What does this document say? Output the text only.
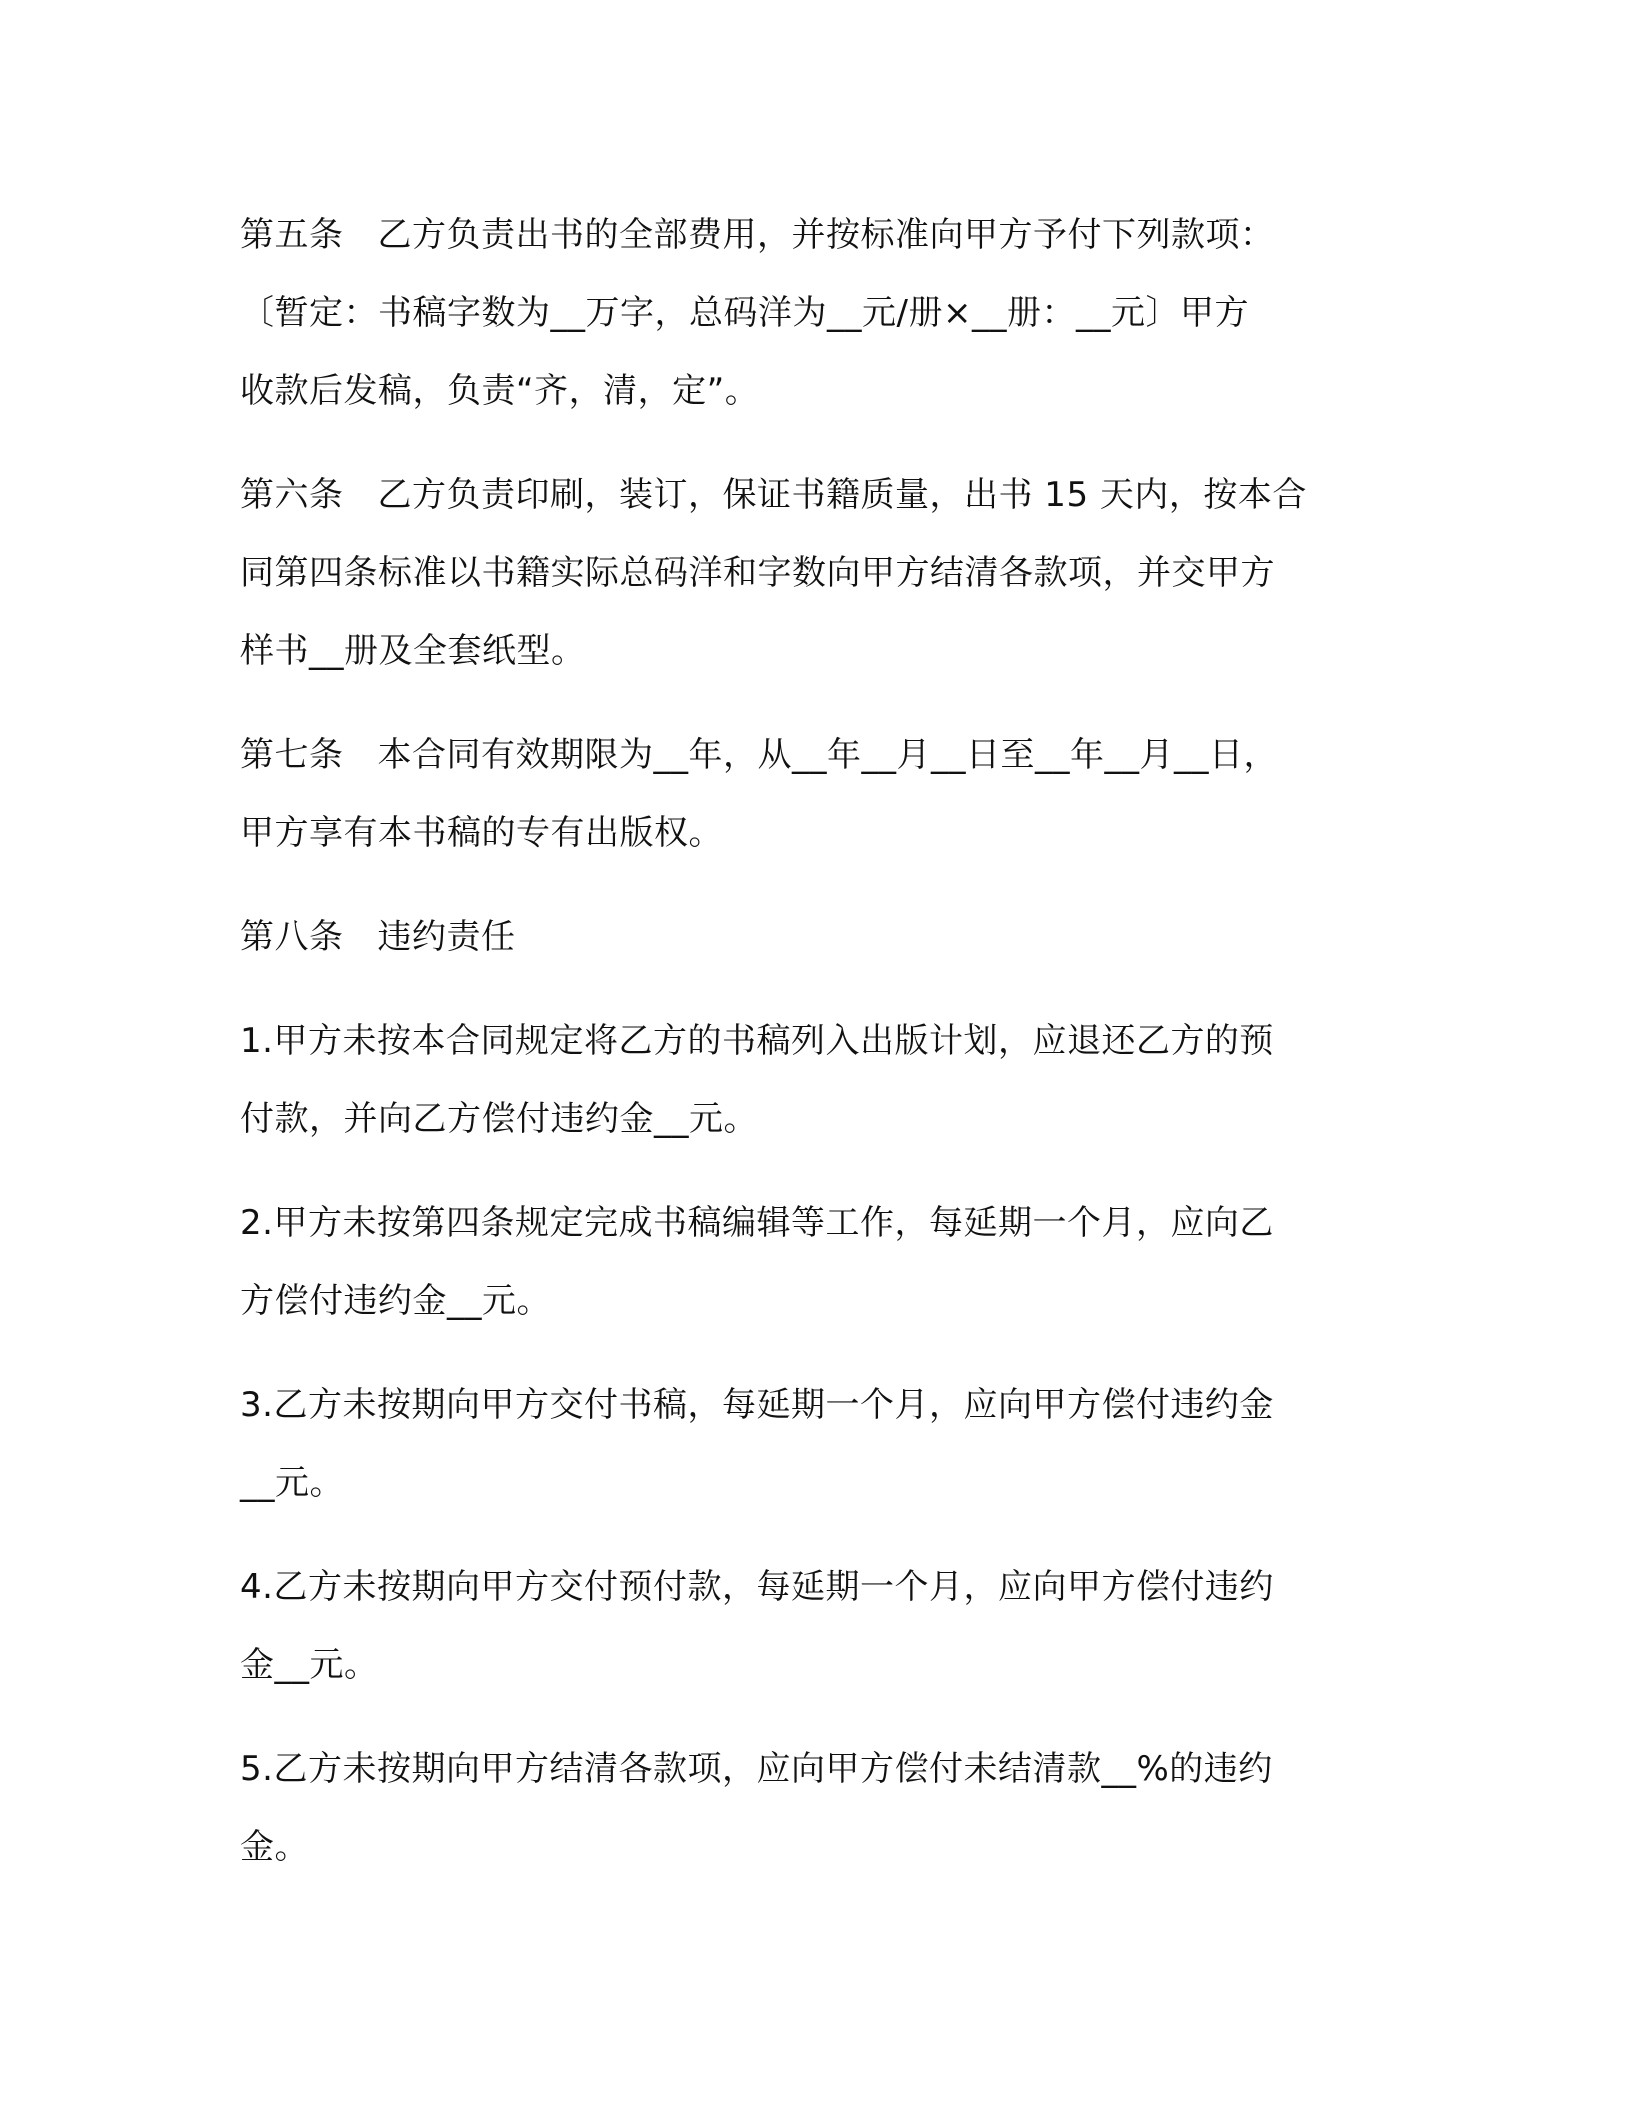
第五条 乙方负责出书的全部费用，并按标准向甲方予付下列款项：
〔暂定：书稿字数为__万字，总码洋为__元/册×__册：__元〕甲方
收款后发稿，负责“齐，清，定”。
第六条 乙方负责印刷，装订，保证书籍质量，出书 15 天内，按本合
同第四条标准以书籍实际总码洋和字数向甲方结清各款项，并交甲方
样书__册及全套纸型。
第七条 本合同有效期限为__年，从__年__月__日至__年__月__日，
甲方享有本书稿的专有出版权。
第八条 违约责任
1.甲方未按本合同规定将乙方的书稿列入出版计划，应退还乙方的预
付款，并向乙方偿付违约金__元。
2.甲方未按第四条规定完成书稿编辑等工作，每延期一个月，应向乙
方偿付违约金__元。
3.乙方未按期向甲方交付书稿，每延期一个月，应向甲方偿付违约金
__元。
4.乙方未按期向甲方交付预付款，每延期一个月，应向甲方偿付违约
金__元。
5.乙方未按期向甲方结清各款项，应向甲方偿付未结清款__%的违约
金。
